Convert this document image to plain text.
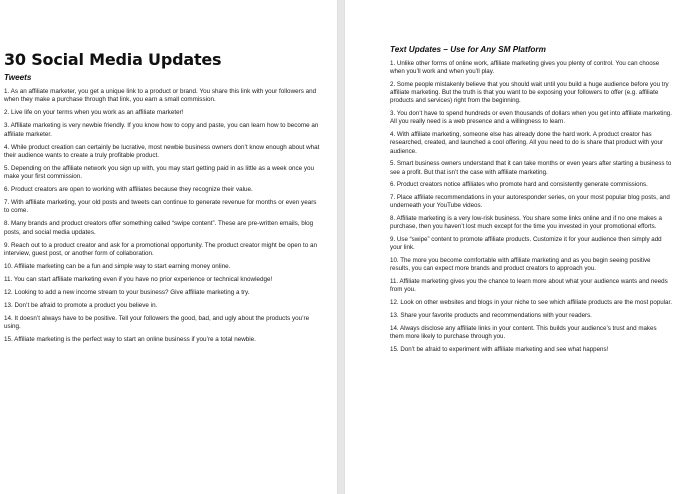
30 Social Media Updates
Tweets

1. As an affiliate marketer, you get a unique link to a product or brand. You share this link with your followers and when they make a purchase through that link, you earn a small commission.

2. Live life on your terms when you work as an affiliate marketer!

3. Affiliate marketing is very newbie friendly. If you know how to copy and paste, you can learn how to become an affiliate marketer.

4. While product creation can certainly be lucrative, most newbie business owners don’t know enough about what their audience wants to create a truly profitable product.

5. Depending on the affiliate network you sign up with, you may start getting paid in as little as a week once you make your first commission.

6. Product creators are open to working with affiliates because they recognize their value.

7. With affiliate marketing, your old posts and tweets can continue to generate revenue for months or even years to come.

8. Many brands and product creators offer something called “swipe content”. These are pre-written emails, blog posts, and social media updates.

9. Reach out to a product creator and ask for a promotional opportunity. The product creator might be open to an interview, guest post, or another form of collaboration.

10. Affiliate marketing can be a fun and simple way to start earning money online.

11. You can start affiliate marketing even if you have no prior experience or technical knowledge!

12. Looking to add a new income stream to your business? Give affiliate marketing a try.

13. Don’t be afraid to promote a product you believe in.

14. It doesn’t always have to be positive. Tell your followers the good, bad, and ugly about the products you’re using.

15. Affiliate marketing is the perfect way to start an online business if you’re a total newbie.

Text Updates – Use for Any SM Platform

1. Unlike other forms of online work, affiliate marketing gives you plenty of control. You can choose when you’ll work and when you’ll play.

2. Some people mistakenly believe that you should wait until you build a huge audience before you try affiliate marketing. But the truth is that you want to be exposing your followers to offer (e.g. affiliate products and services) right from the beginning.

3. You don’t have to spend hundreds or even thousands of dollars when you get into affiliate marketing. All you really need is a web presence and a willingness to learn.

4. With affiliate marketing, someone else has already done the hard work. A product creator has researched, created, and launched a cool offering. All you need to do is share that product with your audience.

5. Smart business owners understand that it can take months or even years after starting a business to see a profit. But that isn’t the case with affiliate marketing.

6. Product creators notice affiliates who promote hard and consistently generate commissions.

7. Place affiliate recommendations in your autoresponder series, on your most popular blog posts, and underneath your YouTube videos.

8. Affiliate marketing is a very low-risk business. You share some links online and if no one makes a purchase, then you haven’t lost much except for the time you invested in your promotional efforts.

9. Use “swipe” content to promote affiliate products. Customize it for your audience then simply add your link.

10. The more you become comfortable with affiliate marketing and as you begin seeing positive results, you can expect more brands and product creators to approach you.

11. Affiliate marketing gives you the chance to learn more about what your audience wants and needs from you.

12. Look on other websites and blogs in your niche to see which affiliate products are the most popular.

13. Share your favorite products and recommendations with your readers.

14. Always disclose any affiliate links in your content. This builds your audience’s trust and makes them more likely to purchase through you.

15. Don’t be afraid to experiment with affiliate marketing and see what happens!
